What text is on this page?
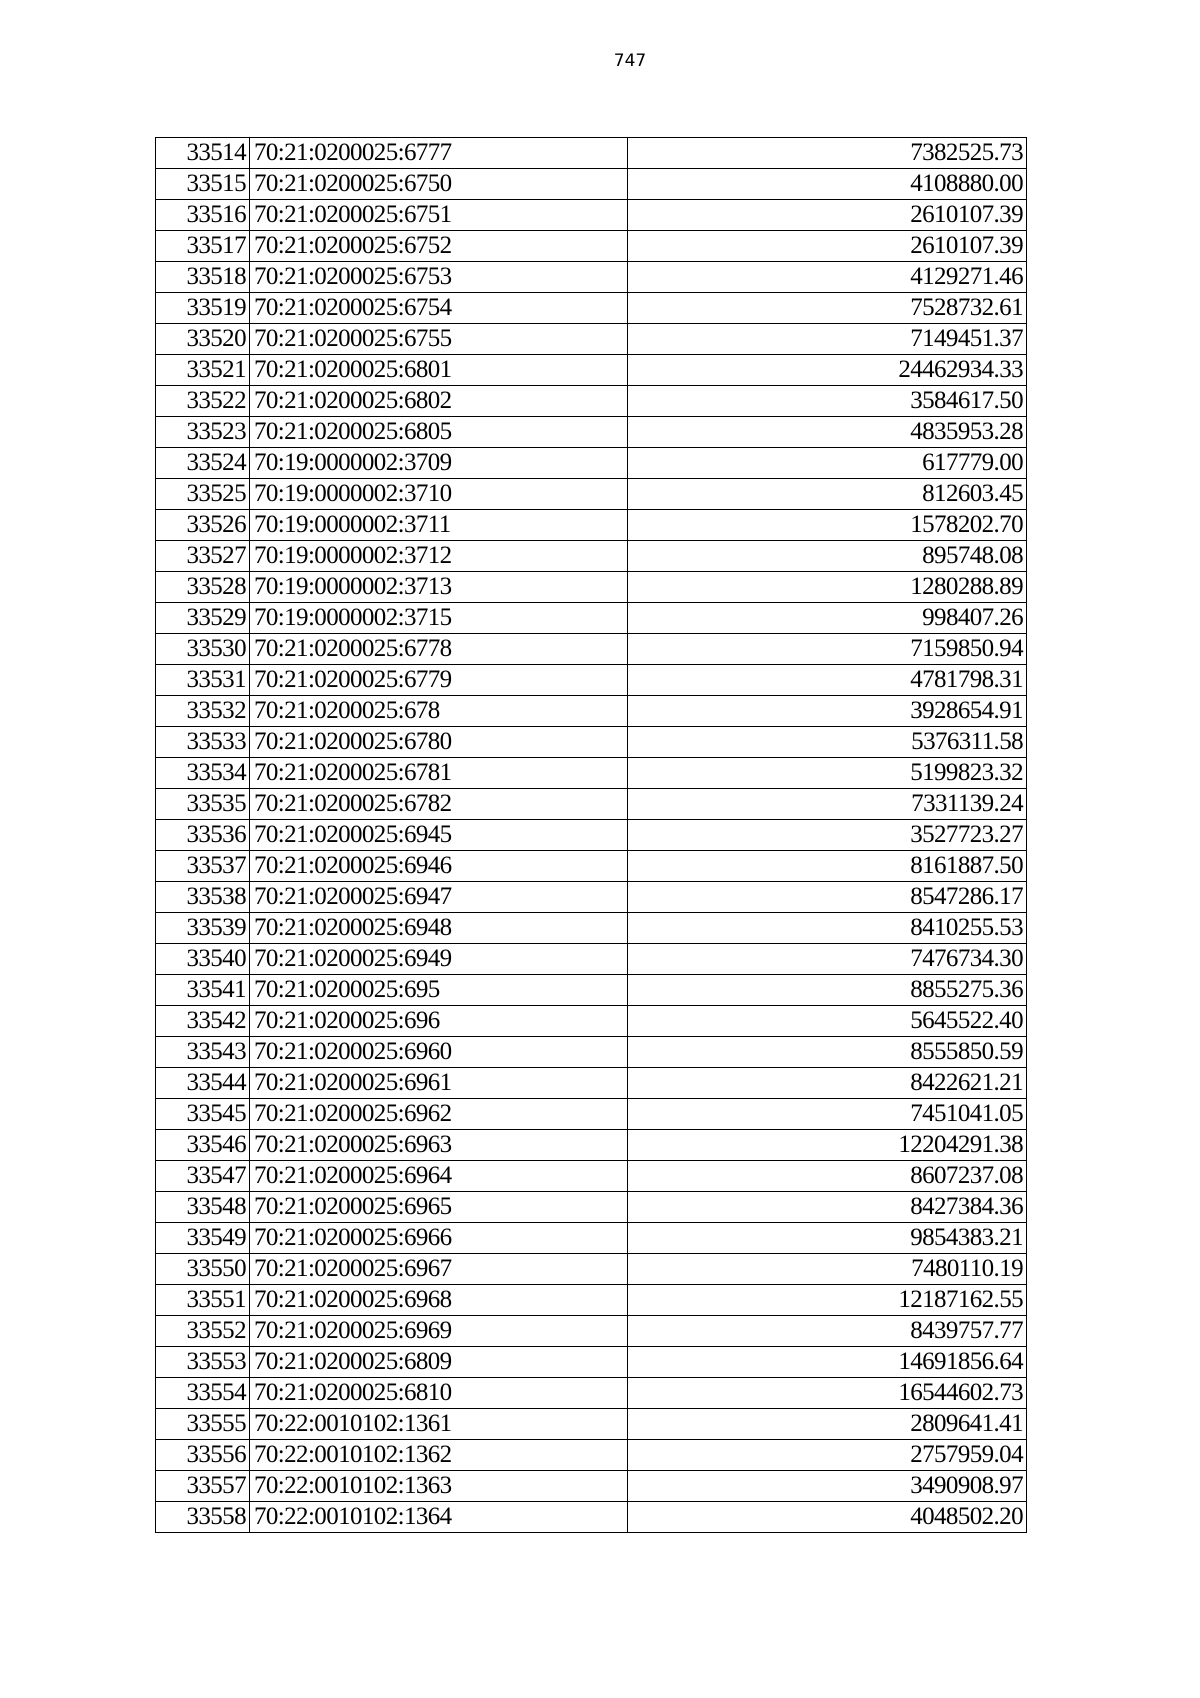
747
33514	70:21:0200025:6777	7382525.73
33515	70:21:0200025:6750	4108880.00
33516	70:21:0200025:6751	2610107.39
33517	70:21:0200025:6752	2610107.39
33518	70:21:0200025:6753	4129271.46
33519	70:21:0200025:6754	7528732.61
33520	70:21:0200025:6755	7149451.37
33521	70:21:0200025:6801	24462934.33
33522	70:21:0200025:6802	3584617.50
33523	70:21:0200025:6805	4835953.28
33524	70:19:0000002:3709	617779.00
33525	70:19:0000002:3710	812603.45
33526	70:19:0000002:3711	1578202.70
33527	70:19:0000002:3712	895748.08
33528	70:19:0000002:3713	1280288.89
33529	70:19:0000002:3715	998407.26
33530	70:21:0200025:6778	7159850.94
33531	70:21:0200025:6779	4781798.31
33532	70:21:0200025:678	3928654.91
33533	70:21:0200025:6780	5376311.58
33534	70:21:0200025:6781	5199823.32
33535	70:21:0200025:6782	7331139.24
33536	70:21:0200025:6945	3527723.27
33537	70:21:0200025:6946	8161887.50
33538	70:21:0200025:6947	8547286.17
33539	70:21:0200025:6948	8410255.53
33540	70:21:0200025:6949	7476734.30
33541	70:21:0200025:695	8855275.36
33542	70:21:0200025:696	5645522.40
33543	70:21:0200025:6960	8555850.59
33544	70:21:0200025:6961	8422621.21
33545	70:21:0200025:6962	7451041.05
33546	70:21:0200025:6963	12204291.38
33547	70:21:0200025:6964	8607237.08
33548	70:21:0200025:6965	8427384.36
33549	70:21:0200025:6966	9854383.21
33550	70:21:0200025:6967	7480110.19
33551	70:21:0200025:6968	12187162.55
33552	70:21:0200025:6969	8439757.77
33553	70:21:0200025:6809	14691856.64
33554	70:21:0200025:6810	16544602.73
33555	70:22:0010102:1361	2809641.41
33556	70:22:0010102:1362	2757959.04
33557	70:22:0010102:1363	3490908.97
33558	70:22:0010102:1364	4048502.20
